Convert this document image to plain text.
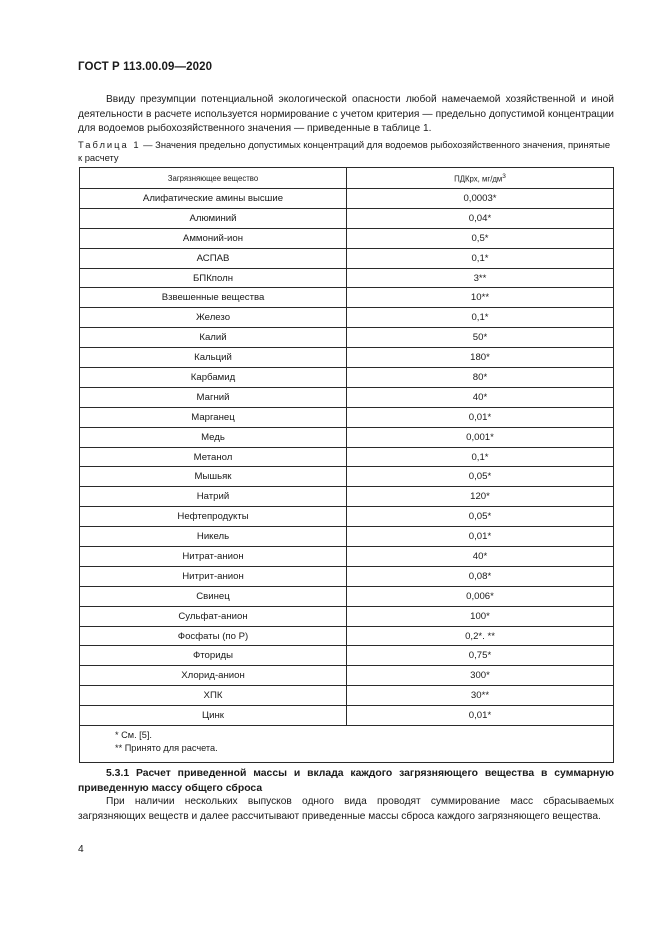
ГОСТ Р 113.00.09—2020
Ввиду презумпции потенциальной экологической опасности любой намечаемой хозяйственной и иной деятельности в расчете используется нормирование с учетом критерия — предельно допустимой концентрации для водоемов рыбохозяйственного значения — приведенные в таблице 1.
Таблица 1 — Значения предельно допустимых концентраций для водоемов рыбохозяйственного значения, принятые к расчету
Загрязняющее вещество	ПДКрх, $мг/дм^3$
Алифатические амины высшие	0,0003*
Алюминий	0,04*
Аммоний-ион	0,5*
АСПАВ	0,1*
БПКполн	3**
Взвешенные вещества	10**
Железо	0,1*
Калий	50*
Кальций	180*
Карбамид	80*
Магний	40*
Марганец	0,01*
Медь	0,001*
Метанол	0,1*
Мышьяк	0,05*
Натрий	120*
Нефтепродукты	0,05*
Никель	0,01*
Нитрат-анион	40*
Нитрит-анион	0,08*
Свинец	0,006*
Сульфат-анион	100*
Фосфаты (по Р)	0,2*. **
Фториды	0,75*
Хлорид-анион	300*
ХПК	30**
Цинк	0,01*

* См. [5].
** Принято для расчета.	
5.3.1 Расчет приведенной массы и вклада каждого загрязняющего вещества в суммарную приведенную массу общего сброса
При наличии нескольких выпусков одного вида проводят суммирование масс сбрасываемых загрязняющих веществ и далее рассчитывают приведенные массы сброса каждого загрязняющего вещества.
4
